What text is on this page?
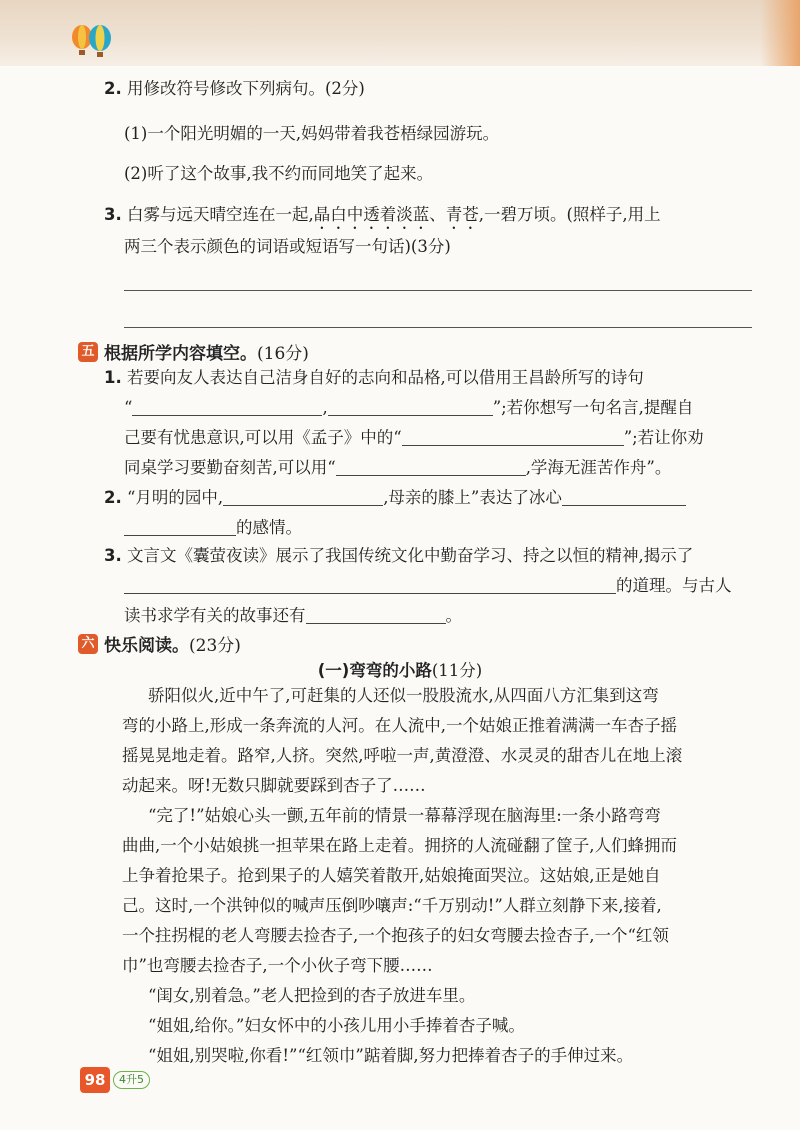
2. 用修改符号修改下列病句。(2分)
(1)一个阳光明媚的一天,妈妈带着我苍梧绿园游玩。
(2)听了这个故事,我不约而同地笑了起来。
3. 白雾与远天晴空连在一起,晶白中透着淡蓝、青苍,一碧万顷。(照样子,用上
两三个表示颜色的词语或短语写一句话)(3分)
五 根据所学内容填空。 (16分)
1. 若要向友人表达自己洁身自好的志向和品格,可以借用王昌龄所写的诗句
“	,	”;若你想写一句名言,提醒自
己要有忧患意识,可以用《孟子》中的“	”;若让你劝
同桌学习要勤奋刻苦,可以用“	,学海无涯苦作舟”。
2. “月明的园中,	,母亲的膝上”表达了冰心
的感情。
3. 文言文《囊萤夜读》展示了我国传统文化中勤奋学习、持之以恒的精神,揭示了
的道理。与古人
读书求学有关的故事还有	。
六 快乐阅读。 (23分)
(一)弯弯的小路(11分)
骄阳似火,近中午了,可赶集的人还似一股股流水,从四面八方汇集到这弯
弯的小路上,形成一条奔流的人河。在人流中,一个姑娘正推着满满一车杏子摇
摇晃晃地走着。路窄,人挤。突然,呼啦一声,黄澄澄、水灵灵的甜杏儿在地上滚
动起来。呀!无数只脚就要踩到杏子了……
“完了!”姑娘心头一颤,五年前的情景一幕幕浮现在脑海里:一条小路弯弯
曲曲,一个小姑娘挑一担苹果在路上走着。拥挤的人流碰翻了筐子,人们蜂拥而
上争着抢果子。抢到果子的人嬉笑着散开,姑娘掩面哭泣。这姑娘,正是她自
己。这时,一个洪钟似的喊声压倒吵嚷声:“千万别动!”人群立刻静下来,接着,
一个拄拐棍的老人弯腰去捡杏子,一个抱孩子的妇女弯腰去捡杏子,一个“红领
巾”也弯腰去捡杏子,一个小伙子弯下腰……
“闺女,别着急。”老人把捡到的杏子放进车里。
“姐姐,给你。”妇女怀中的小孩儿用小手捧着杏子喊。
“姐姐,别哭啦,你看!”“红领巾”踮着脚,努力把捧着杏子的手伸过来。
98	4升5
